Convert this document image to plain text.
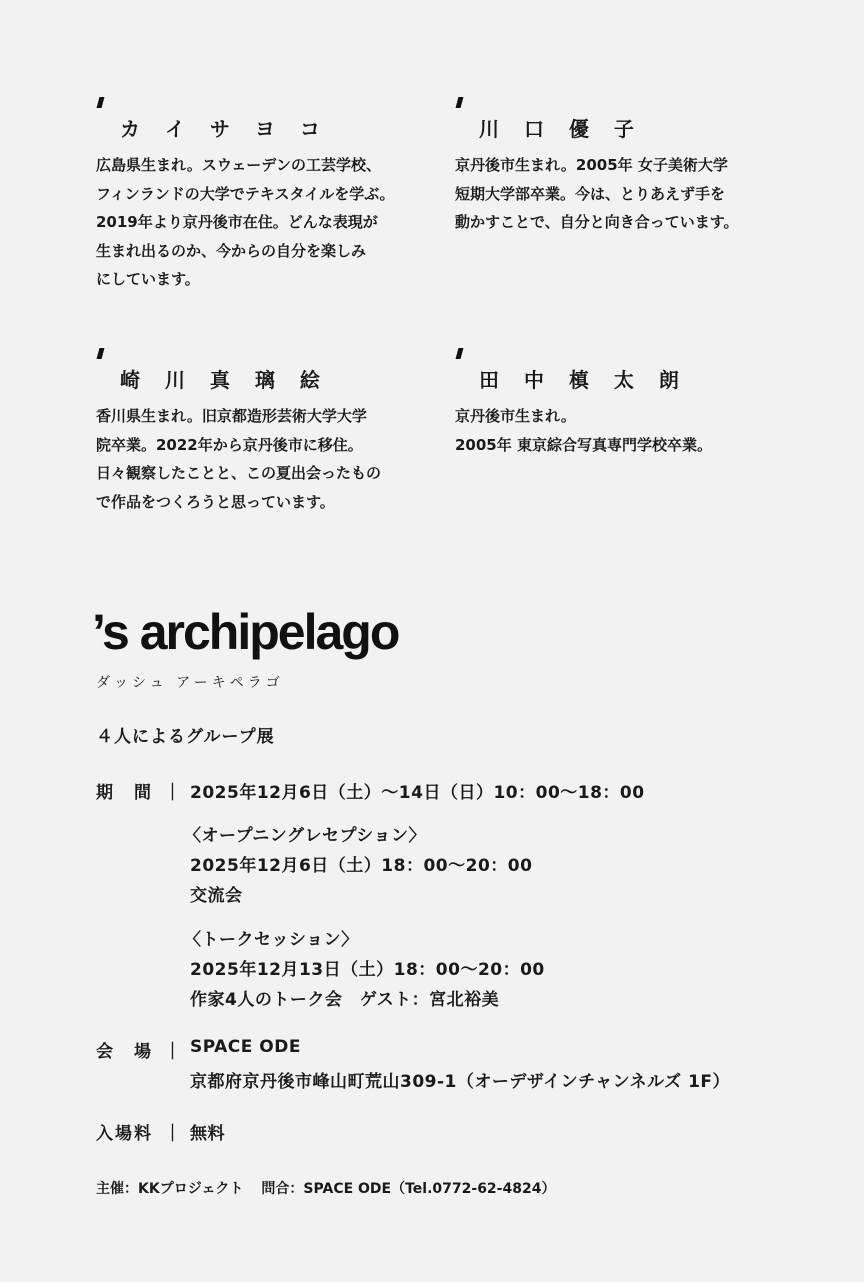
カ イ サ ヨ コ

広島県生まれ。スウェーデンの工芸学校、
フィンランドの大学でテキスタイルを学ぶ。
2019年より京丹後市在住。どんな表現が
生まれ出るのか、今からの自分を楽しみ
にしています。

川 口 優 子

京丹後市生まれ。2005年 女子美術大学
短期大学部卒業。今は、とりあえず手を
動かすことで、自分と向き合っています。

崎 川 真 璃 絵

香川県生まれ。旧京都造形芸術大学大学
院卒業。2022年から京丹後市に移住。
日々観察したことと、この夏出会ったもの
で作品をつくろうと思っています。

田 中 槙 太 朗

京丹後市生まれ。
2005年 東京綜合写真専門学校卒業。

’s archipelago
ダッシュ アーキペラゴ
４人によるグループ展
期　間 ｜ 2025年12月6日（土）〜14日（日）10：00〜18：00
〈オープニングレセプション〉
2025年12月6日（土）18：00〜20：00
交流会
〈トークセッション〉
2025年12月13日（土）18：00〜20：00
作家4人のトーク会　ゲスト：宮北裕美
会　場 ｜ SPACE ODE
京都府京丹後市峰山町荒山309-1（オーデザインチャンネルズ 1F）
入場料 ｜ 無料
主催：KKプロジェクト 問合：SPACE ODE（Tel.0772-62-4824）
